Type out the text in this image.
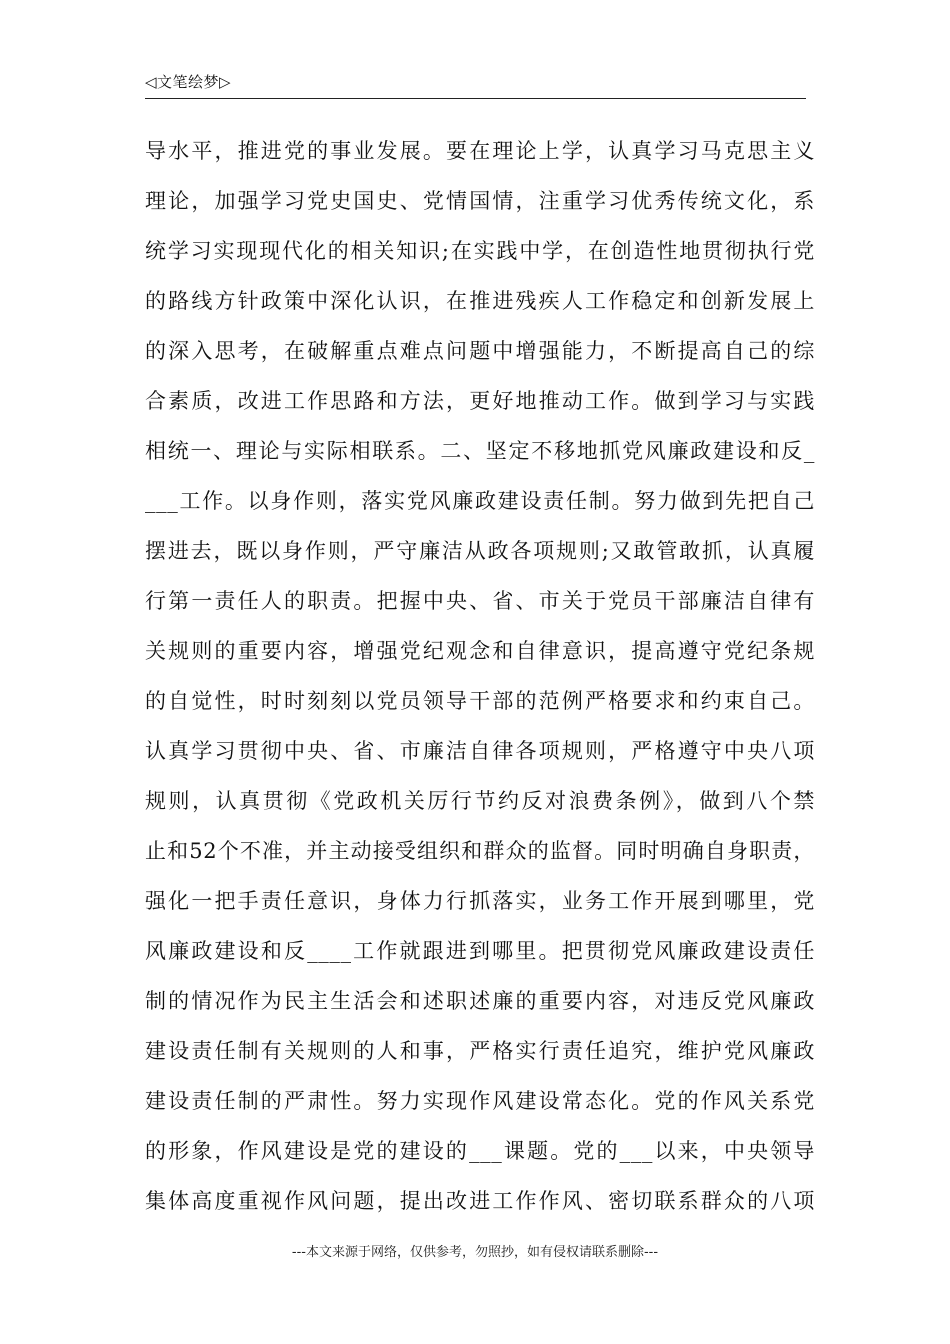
◁文笔绘梦▷
导水平，推进党的事业发展。要在理论上学，认真学习马克思主义
理论，加强学习党史国史、党情国情，注重学习优秀传统文化，系
统学习实现现代化的相关知识;在实践中学，在创造性地贯彻执行党
的路线方针政策中深化认识，在推进残疾人工作稳定和创新发展上
的深入思考，在破解重点难点问题中增强能力，不断提高自己的综
合素质，改进工作思路和方法，更好地推动工作。做到学习与实践
相统一、理论与实际相联系。二、坚定不移地抓党风廉政建设和反_
___工作。以身作则，落实党风廉政建设责任制。努力做到先把自己
摆进去，既以身作则，严守廉洁从政各项规则;又敢管敢抓，认真履
行第一责任人的职责。把握中央、省、市关于党员干部廉洁自律有
关规则的重要内容，增强党纪观念和自律意识，提高遵守党纪条规
的自觉性，时时刻刻以党员领导干部的范例严格要求和约束自己。
认真学习贯彻中央、省、市廉洁自律各项规则，严格遵守中央八项
规则，认真贯彻《党政机关厉行节约反对浪费条例》，做到八个禁
止和52个不准，并主动接受组织和群众的监督。同时明确自身职责，
强化一把手责任意识，身体力行抓落实，业务工作开展到哪里，党
风廉政建设和反____工作就跟进到哪里。把贯彻党风廉政建设责任
制的情况作为民主生活会和述职述廉的重要内容，对违反党风廉政
建设责任制有关规则的人和事，严格实行责任追究，维护党风廉政
建设责任制的严肃性。努力实现作风建设常态化。党的作风关系党
的形象，作风建设是党的建设的___课题。党的___以来，中央领导
集体高度重视作风问题，提出改进工作作风、密切联系群众的八项
---本文来源于网络，仅供参考，勿照抄，如有侵权请联系删除---
